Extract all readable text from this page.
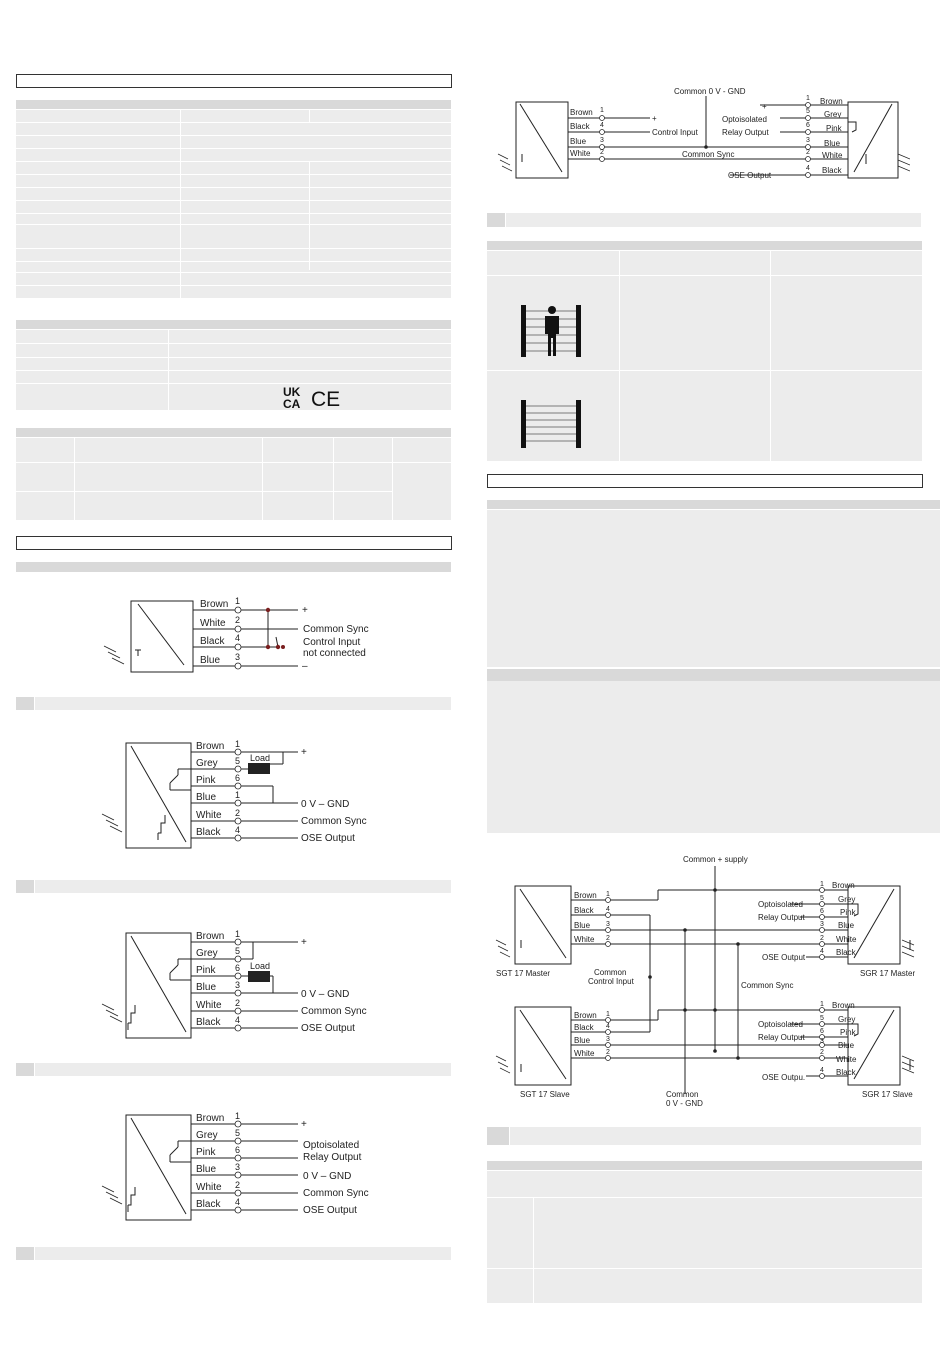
UK
CA CE
Brown
White
Black
Blue
1
2
4
3
+
Common Sync
Control Input
not connected
–
Brown
Grey
Pink
Blue
White
Black
1
5
6
1
2
4
Load	+
0 V – GND
Common Sync
OSE Output
Brown
Grey
Pink
Blue
White
Black
1
5
6
3
2
4
Load
+
0 V – GND
Common Sync
OSE Output
Brown
Grey
Pink
Blue
White
Black
1
5
6
3
2
4
+
Optoisolated
Relay Output
0 V – GND
Common Sync
OSE Output
Common 0 V - GND
Brown
Black
Blue
White
1
4
3
2
+
Control Input
Common Sync
+
Optoisolated
Relay Output
OSE Output
1
5
6
3
2
4
Brown
Grey
Pink
Blue
White
Black
Common + supply
Brown
Black
Blue
White
1
4
3
2
1
5
6
3
2
4
Optoisolated
Relay Output
OSE Output
Brown
Grey
Pink
Blue
White
Black
SGT 17 Master	SGR 17 Master
Common
Control Input	Common Sync
Brown
Black
Blue
White
1
4
3
2
1
5
6
3
2
4
Optoisolated
Relay Output
OSE Outpu.
Brown
Grey
Pink
Blue
White
Black
SGT 17 Slave	SGR 17 Slave
Common
0 V - GND
